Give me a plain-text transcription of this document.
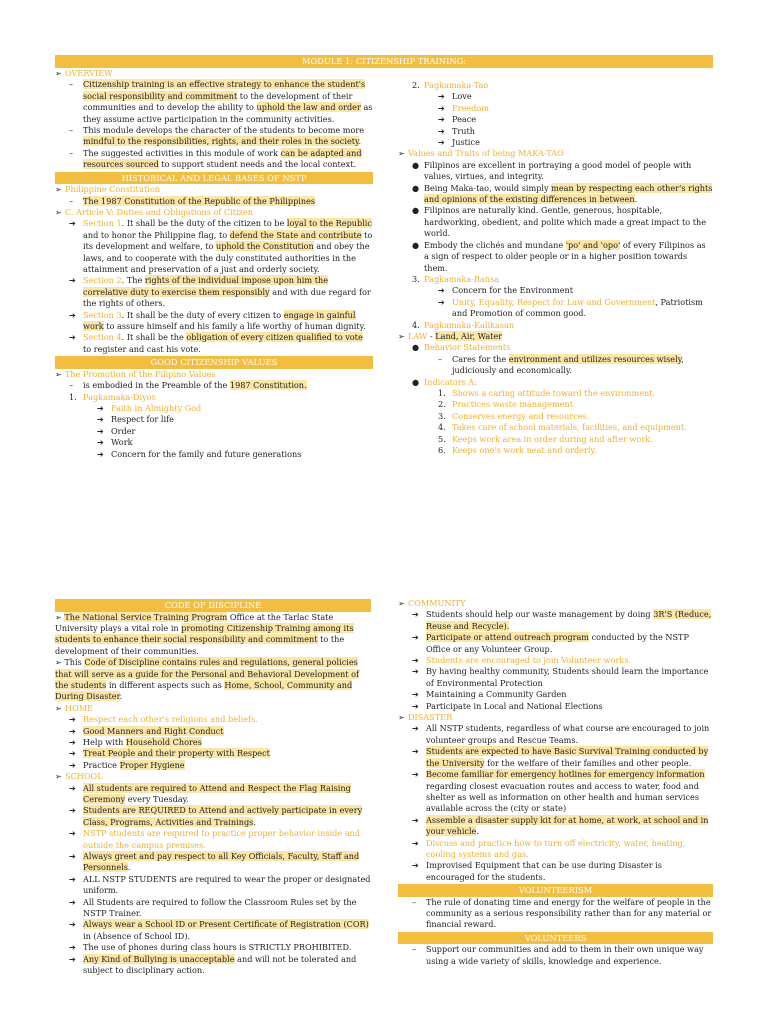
MODULE 1: CITIZENSHIP TRAINING:
➢ OVERVIEW
– Citizenship training is an effective strategy to enhance the student's social responsibility and commitment to the development of their communities and to develop the ability to uphold the law and order as they assume active participation in the community activities.
– This module develops the character of the students to become more mindful to the responsibilities, rights, and their roles in the society.
– The suggested activities in this module of work can be adapted and resources sourced to support student needs and the local context.
HISTORICAL AND LEGAL BASES OF NSTP
➢ Philippine Constitution
– The 1987 Constitution of the Republic of the Philippines
➢ C. Article V: Duties and Obligations of Citizen
➔ Section 1. It shall be the duty of the citizen to be loyal to the Republic and to honor the Philippine flag, to defend the State and contribute to its development and welfare, to uphold the Constitution and obey the laws, and to cooperate with the duly constituted authorities in the attainment and preservation of a just and orderly society.
➔ Section 2. The rights of the individual impose upon him the correlative duty to exercise them responsibly and with due regard for the rights of others.
➔ Section 3. It shall be the duty of every citizen to engage in gainful work to assure himself and his family a life worthy of human dignity.
➔ Section 4. It shall be the obligation of every citizen qualified to vote to register and cast his vote.
GOOD CITIZENSHIP VALUES
➢ The Promotion of the Filipino Values
– is embodied in the Preamble of the 1987 Constitution.
1. Pagkamaka-Diyos
➔ Faith in Almighty God
➔ Respect for life
➔ Order
➔ Work
➔ Concern for the family and future generations
2. Pagkamaka-Tao
➔ Love
➔ Freedom
➔ Peace
➔ Truth
➔ Justice
➢ Values and Traits of being MAKA-TAO
● Filipinos are excellent in portraying a good model of people with values, virtues, and integrity.
● Being Maka-tao, would simply mean by respecting each other's rights and opinions of the existing differences in between.
● Filipinos are naturally kind. Gentle, generous, hospitable, hardworking, obedient, and polite which made a great impact to the world.
● Embody the clichés and mundane 'po' and 'opo' of every Filipinos as a sign of respect to older people or in a higher position towards them.
3. Pagkamaka-Bansa
➔ Concern for the Environment
➔ Unity, Equality, Respect for Law and Government, Patriotism and Promotion of common good.
4. Pagkamaka-Kalikasan
➢ LAW - Land, Air, Water
● Behavior Statements
– Cares for the environment and utilizes resources wisely, judiciously and economically.
● Indicators A:
1. Shows a caring attitude toward the environment.
2. Practices waste management
3. Conserves energy and resources.
4. Takes care of school materials, facilities, and equipment.
5. Keeps work area in order during and after work.
6. Keeps one's work neat and orderly.
CODE OF DISCIPLINE
➢ The National Service Training Program Office at the Tarlac State University plays a vital role in promoting Citizenship Training among its students to enhance their social responsibility and commitment to the development of their communities.
➢ This Code of Discipline contains rules and regulations, general policies that will serve as a guide for the Personal and Behavioral Development of the students in different aspects such as Home, School, Community and During Disaster.
➢ HOME
➔ Respect each other's religions and beliefs.
➔ Good Manners and Right Conduct
➔ Help with Household Chores
➔ Treat People and their property with Respect
➔ Practice Proper Hygiene
➢ SCHOOL
➔ All students are required to Attend and Respect the Flag Raising Ceremony every Tuesday.
➔ Students are REQUIRED to Attend and actively participate in every Class, Programs, Activities and Trainings.
➔ NSTP students are required to practice proper behavior inside and outside the campus premises.
➔ Always greet and pay respect to all Key Officials, Faculty, Staff and Personnels.
➔ ALL NSTP STUDENTS are required to wear the proper or designated uniform.
➔ All Students are required to follow the Classroom Rules set by the NSTP Trainer.
➔ Always wear a School ID or Present Certificate of Registration (COR) in (Absence of School ID).
➔ The use of phones during class hours is STRICTLY PROHIBITED.
➔ Any Kind of Bullying is unacceptable and will not be tolerated and subject to disciplinary action.
➢ COMMUNITY
➔ Students should help our waste management by doing 3R'S (Reduce, Reuse and Recycle).
➔ Participate or attend outreach program conducted by the NSTP Office or any Volunteer Group.
➔ Students are encouraged to join Volunteer works.
➔ By having healthy community, Students should learn the importance of Environmental Protection
➔ Maintaining a Community Garden
➔ Participate in Local and National Elections
➢ DISASTER
➔ All NSTP students, regardless of what course are encouraged to join volunteer groups and Rescue Teams.
➔ Students are expected to have Basic Survival Training conducted by the University for the welfare of their families and other people.
➔ Become familiar for emergency hotlines for emergency information regarding closest evacuation routes and access to water, food and shelter as well as information on other health and human services available across the (city or state)
➔ Assemble a disaster supply kit for at home, at work, at school and in your vehicle.
➔ Discuss and practice how to turn off electricity, water, heating, cooling systems and gas.
➔ Improvised Equipment that can be use during Disaster is encouraged for the students.
VOLUNTEERISM
– The rule of donating time and energy for the welfare of people in the community as a serious responsibility rather than for any material or financial reward.
VOLUNTEERS
– Support our communities and add to them in their own unique way using a wide variety of skills, knowledge and experience.
